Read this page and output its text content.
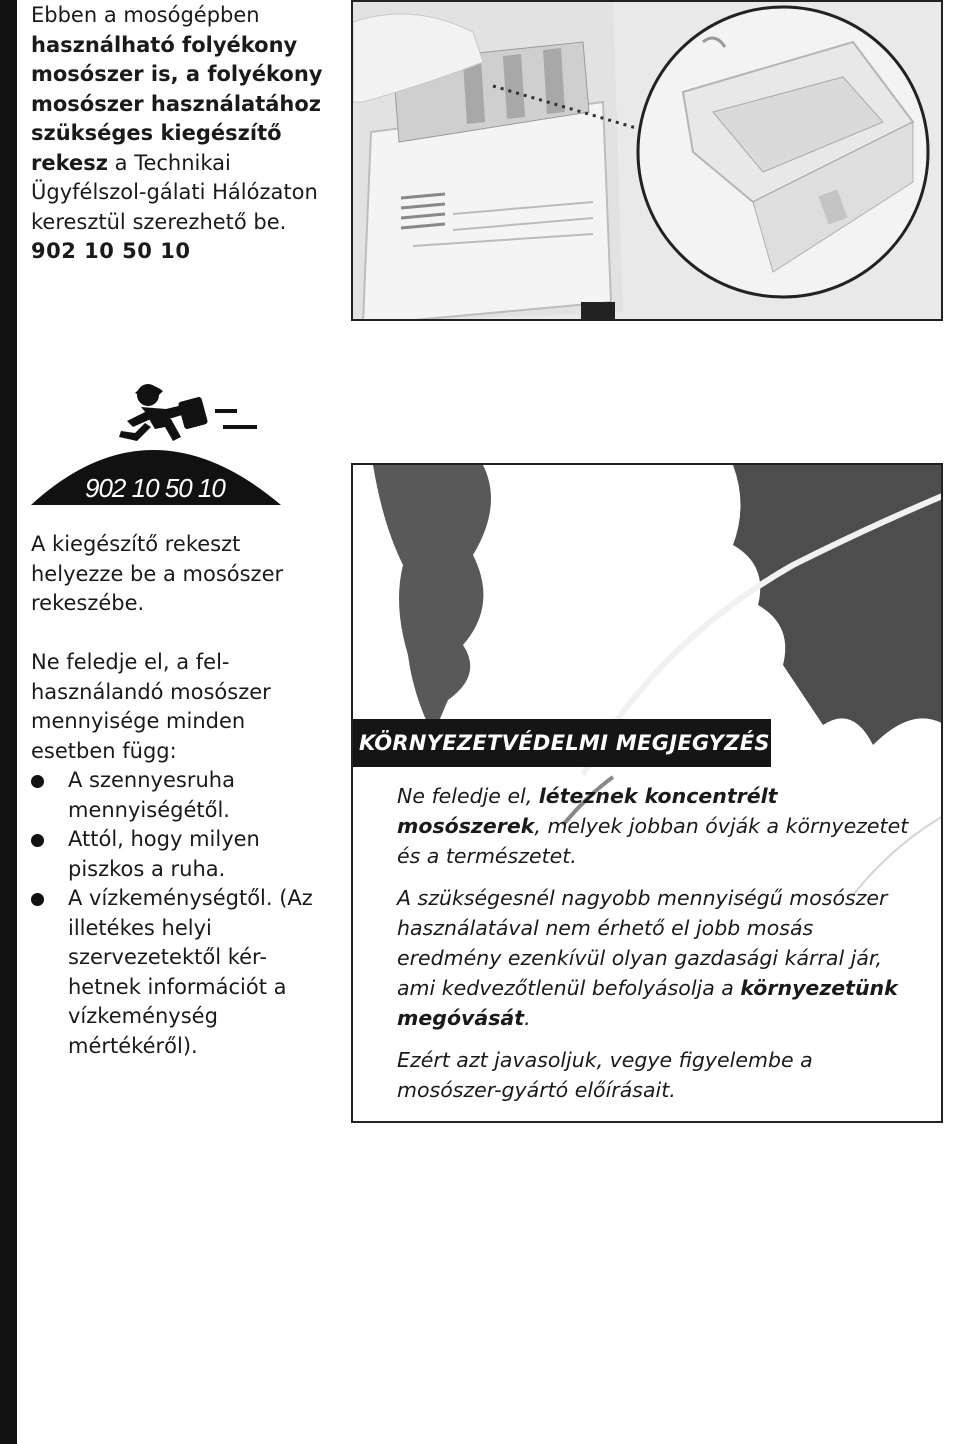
Ebben a mosógépben használható folyékony mosószer is, a folyékony mosószer használatához szükséges kiegészítő rekesz a Technikai Ügyfélszol-gálati Hálózaton keresztül szerezhető be.
902 10 50 10
902 10 50 10
A kiegészítő rekeszt helyezze be a mosószer rekeszébe.
Ne feledje el, a fel-használandó mosószer mennyisége minden esetben függ:
A szennyesruha mennyiségétől.
Attól, hogy milyen piszkos a ruha.
A vízkeménységtől. (Az illetékes helyi szervezetektől kér-hetnek információt a vízkeménység mértékéről).
KÖRNYEZETVÉDELMI MEGJEGYZÉS

Ne feledje el, léteznek koncentrélt mosószerek, melyek jobban óvják a környezetet és a természetet.

A szükségesnél nagyobb mennyiségű mosószer használatával nem érhető el jobb mosás eredmény ezenkívül olyan gazdasági kárral jár, ami kedvezőtlenül befolyásolja a környezetünk megóvását.

Ezért azt javasoljuk, vegye figyelembe a mosószer-gyártó előírásait.
